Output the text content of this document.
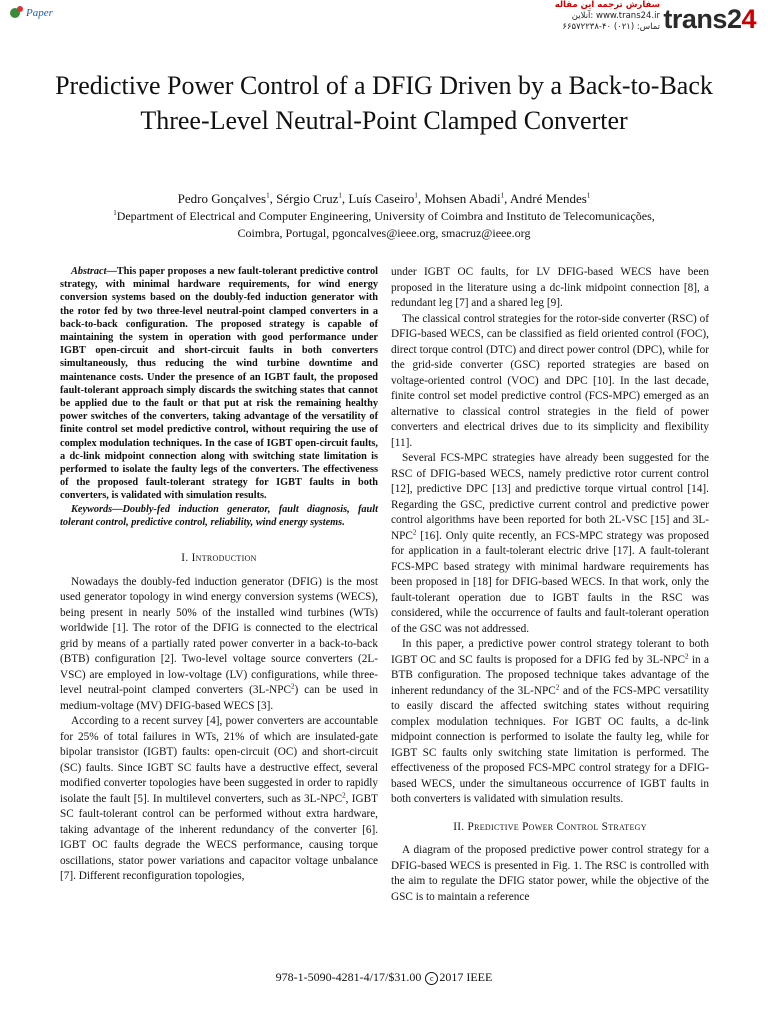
Paper
سفارش ترجمه این مقاله
آنلاین: www.trans24.ir
تماس: (۰۲۱) ۴۰-۶۶۵۷۲۲۳۸ trans24
Predictive Power Control of a DFIG Driven by a Back-to-Back Three-Level Neutral-Point Clamped Converter
Pedro Gonçalves$^1$, Sérgio Cruz$^1$, Luís Caseiro$^1$, Mohsen Abadi$^1$, André Mendes$^1$
$^1$Department of Electrical and Computer Engineering, University of Coimbra and Instituto de Telecomunicações,
Coimbra, Portugal, pgoncalves@ieee.org, smacruz@ieee.org

Abstract—This paper proposes a new fault-tolerant predictive control strategy, with minimal hardware requirements, for wind energy conversion systems based on the doubly-fed induction generator with the rotor fed by two three-level neutral-point clamped converters in a back-to-back configuration. The proposed strategy is capable of maintaining the system in operation with good performance under IGBT open-circuit and short-circuit faults in both converters simultaneously, thus reducing the wind turbine downtime and maintenance costs. Under the presence of an IGBT fault, the proposed fault-tolerant approach simply discards the switching states that cannot be applied due to the fault or that put at risk the remaining healthy power switches of the converters, taking advantage of the versatility of finite control set model predictive control, without requiring the use of complex modulation techniques. In the case of IGBT open-circuit faults, a dc-link midpoint connection along with switching state limitation is performed to isolate the faulty legs of the converters. The effectiveness of the proposed fault-tolerant strategy for IGBT faults in both converters, is validated with simulation results.

Keywords—Doubly-fed induction generator, fault diagnosis, fault tolerant control, predictive control, reliability, wind energy systems.

I. Introduction

Nowadays the doubly-fed induction generator (DFIG) is the most used generator topology in wind energy conversion systems (WECS), being present in nearly 50% of the installed wind turbines (WTs) worldwide [1]. The rotor of the DFIG is connected to the electrical grid by means of a partially rated power converter in a back-to-back (BTB) configuration [2]. Two-level voltage source converters (2L-VSC) are employed in low-voltage (LV) configurations, while three-level neutral-point clamped converters (3L-NPC$^2$) can be used in medium-voltage (MV) DFIG-based WECS [3].

According to a recent survey [4], power converters are accountable for 25% of total failures in WTs, 21% of which are insulated-gate bipolar transistor (IGBT) faults: open-circuit (OC) and short-circuit (SC) faults. Since IGBT SC faults have a destructive effect, several modified converter topologies have been suggested in order to rapidly isolate the fault [5]. In multilevel converters, such as 3L-NPC$^2$, IGBT SC fault-tolerant control can be performed without extra hardware, taking advantage of the inherent redundancy of the converter [6]. IGBT OC faults degrade the WECS performance, causing torque oscillations, stator power variations and capacitor voltage unbalance [7]. Different reconfiguration topologies,

under IGBT OC faults, for LV DFIG-based WECS have been proposed in the literature using a dc-link midpoint connection [8], a redundant leg [7] and a shared leg [9].

The classical control strategies for the rotor-side converter (RSC) of DFIG-based WECS, can be classified as field oriented control (FOC), direct torque control (DTC) and direct power control (DPC), while for the grid-side converter (GSC) reported strategies are based on voltage-oriented control (VOC) and DPC [10]. In the last decade, finite control set model predictive control (FCS-MPC) emerged as an alternative to classical control strategies in the field of power converters and electrical drives due to its simplicity and flexibility [11].

Several FCS-MPC strategies have already been suggested for the RSC of DFIG-based WECS, namely predictive rotor current control [12], predictive DPC [13] and predictive torque virtual control [14]. Regarding the GSC, predictive current control and predictive power control algorithms have been reported for both 2L-VSC [15] and 3L-NPC$^2$ [16]. Only quite recently, an FCS-MPC strategy was proposed for application in a fault-tolerant electric drive [17]. A fault-tolerant FCS-MPC based strategy with minimal hardware requirements has been proposed in [18] for DFIG-based WECS. In that work, only the fault-tolerant operation due to IGBT faults in the RSC was considered, while the occurrence of faults and fault-tolerant operation of the GSC was not addressed.

In this paper, a predictive power control strategy tolerant to both IGBT OC and SC faults is proposed for a DFIG fed by 3L-NPC$^2$ in a BTB configuration. The proposed technique takes advantage of the inherent redundancy of the 3L-NPC$^2$ and of the FCS-MPC versatility to easily discard the affected switching states without requiring complex modulation techniques. For IGBT OC faults, a dc-link midpoint connection is performed to isolate the faulty leg, while for IGBT SC faults only switching state limitation is performed. The effectiveness of the proposed FCS-MPC control strategy for a DFIG-based WECS, under the simultaneous occurrence of IGBT faults in both converters is validated with simulation results.

II. Predictive Power Control Strategy

A diagram of the proposed predictive power control strategy for a DFIG-based WECS is presented in Fig. 1. The RSC is controlled with the aim to regulate the DFIG stator power, while the objective of the GSC is to maintain a reference

978-1-5090-4281-4/17/$31.00 c 2017 IEEE
